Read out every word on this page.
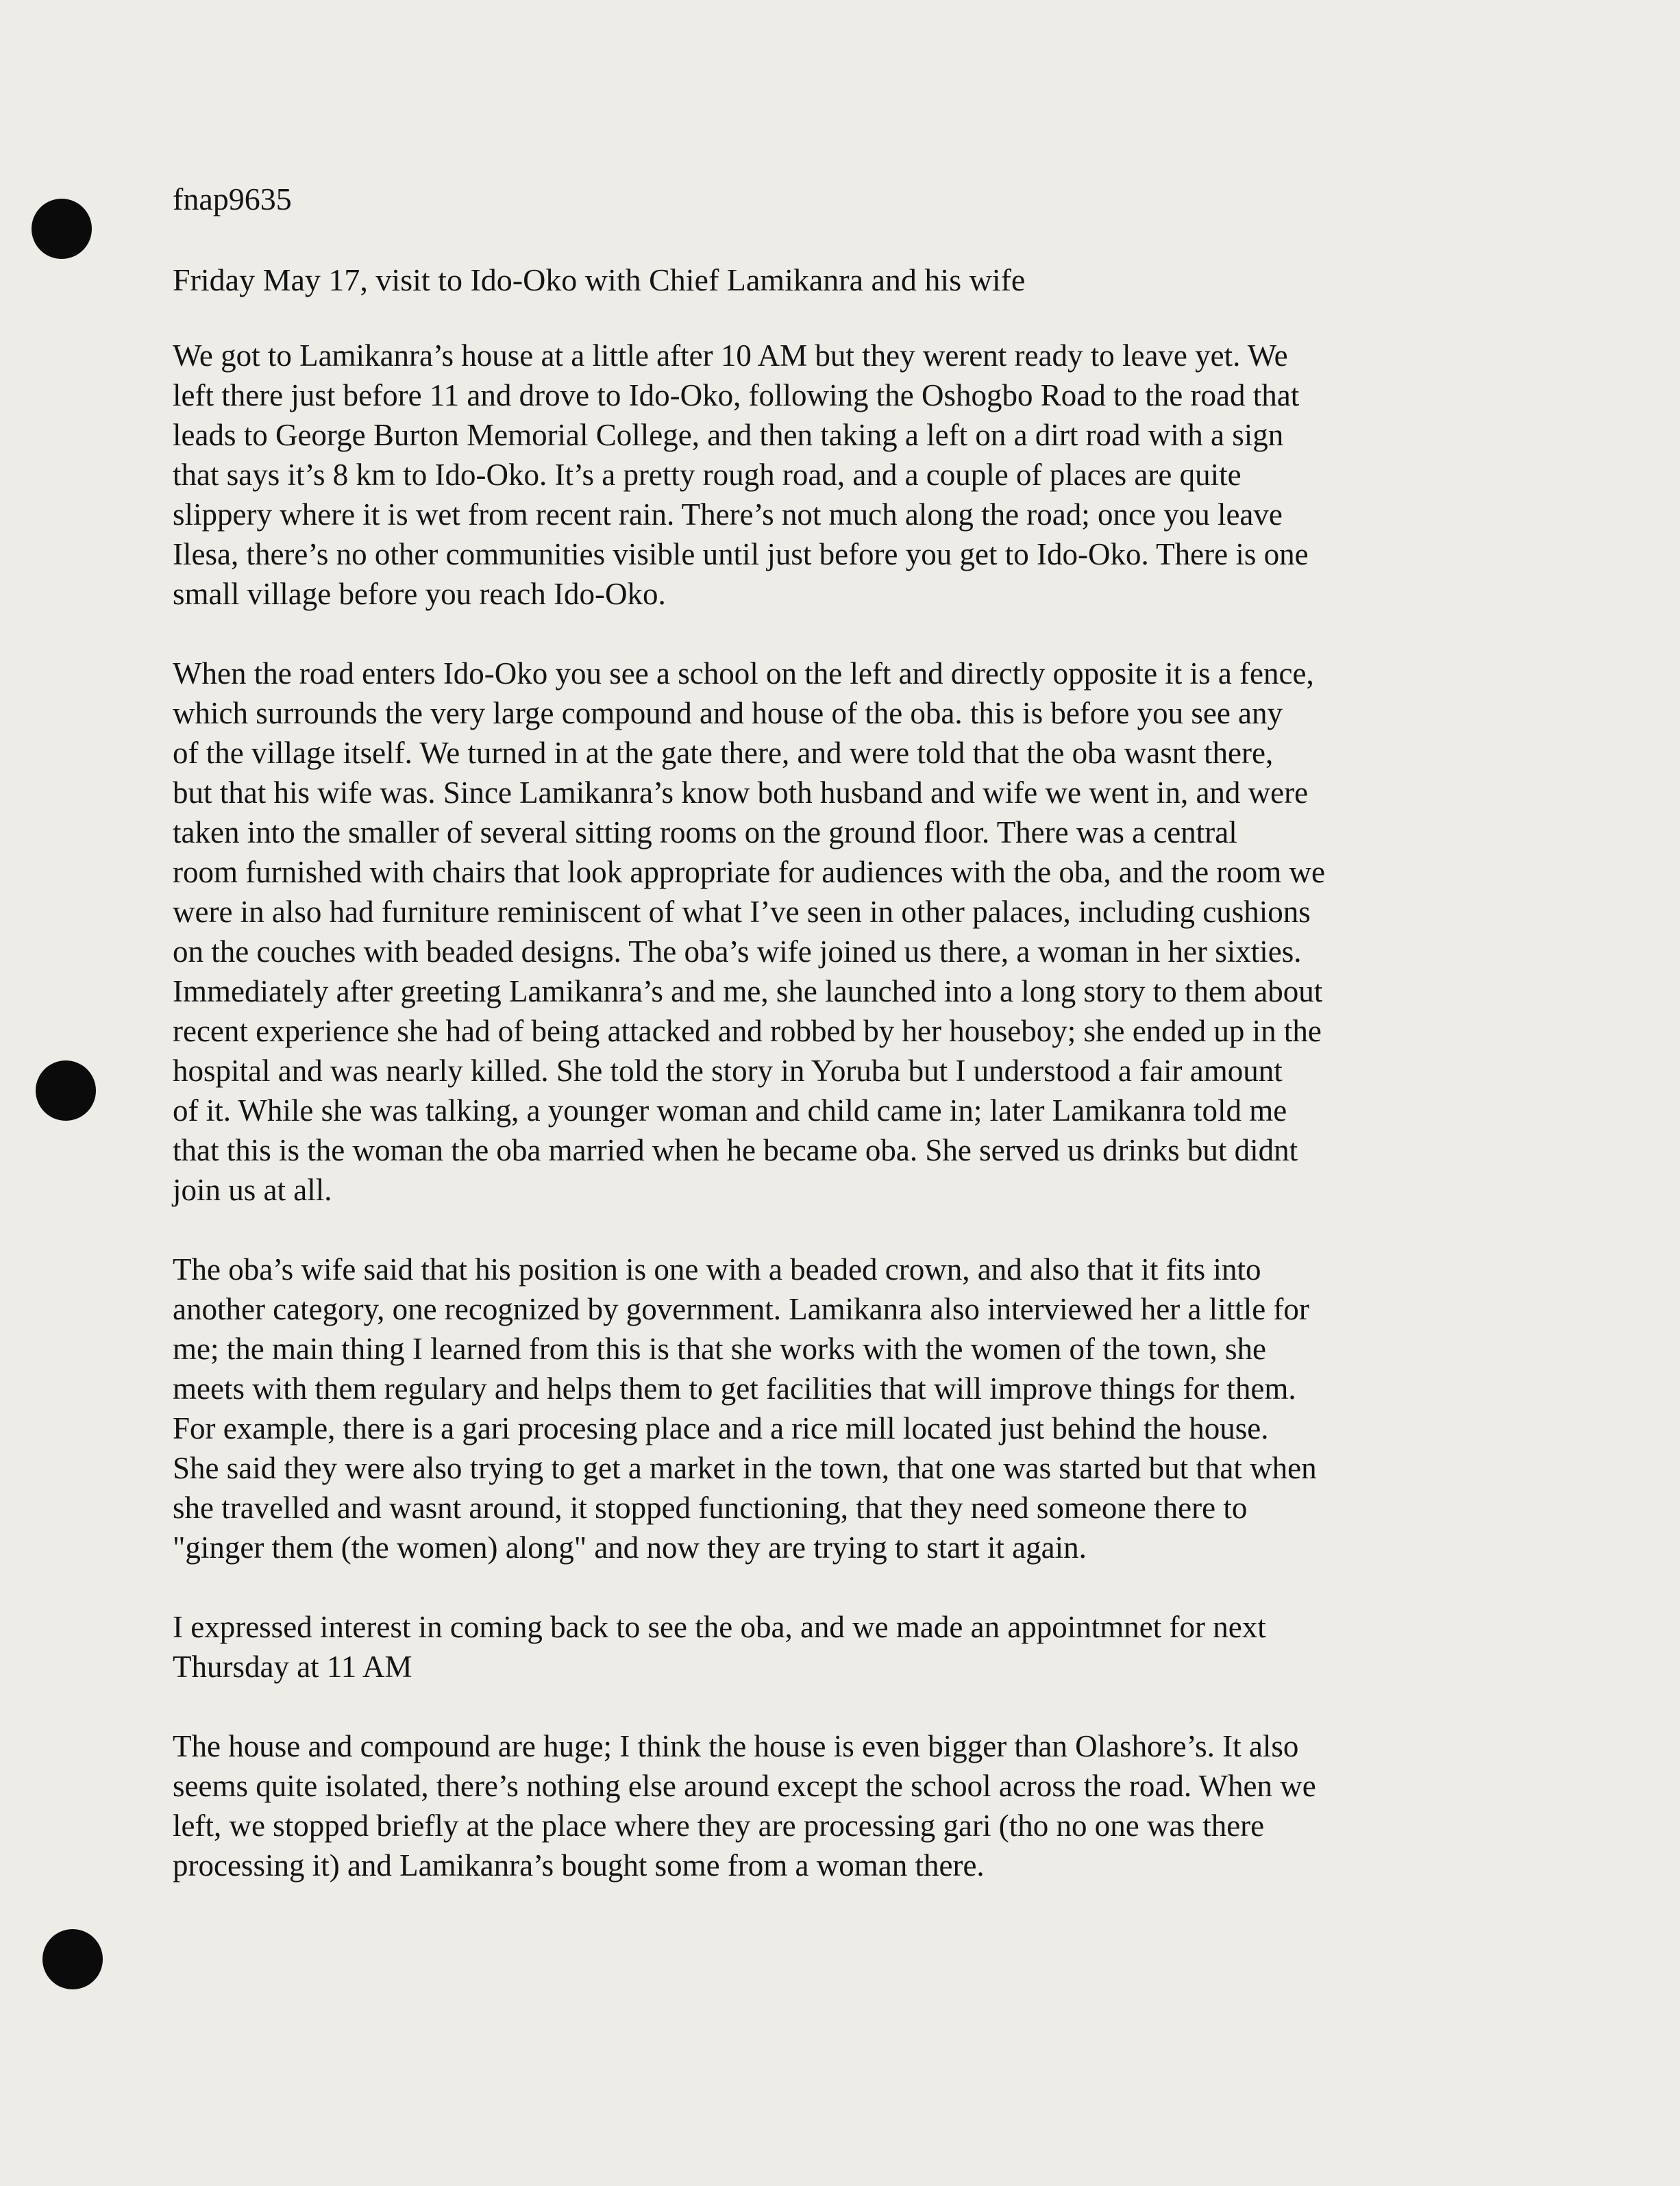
fnap9635

Friday May 17, visit to Ido-Oko with Chief Lamikanra and his wife

We got to Lamikanra’s house at a little after 10 AM but they werent ready to leave yet. We
left there just before 11 and drove to Ido-Oko, following the Oshogbo Road to the road that
leads to George Burton Memorial College, and then taking a left on a dirt road with a sign
that says it’s 8 km to Ido-Oko. It’s a pretty rough road, and a couple of places are quite
slippery where it is wet from recent rain. There’s not much along the road; once you leave
Ilesa, there’s no other communities visible until just before you get to Ido-Oko. There is one
small village before you reach Ido-Oko.

When the road enters Ido-Oko you see a school on the left and directly opposite it is a fence,
which surrounds the very large compound and house of the oba. this is before you see any
of the village itself. We turned in at the gate there, and were told that the oba wasnt there,
but that his wife was. Since Lamikanra’s know both husband and wife we went in, and were
taken into the smaller of several sitting rooms on the ground floor. There was a central
room furnished with chairs that look appropriate for audiences with the oba, and the room we
were in also had furniture reminiscent of what I’ve seen in other palaces, including cushions
on the couches with beaded designs. The oba’s wife joined us there, a woman in her sixties.
Immediately after greeting Lamikanra’s and me, she launched into a long story to them about
recent experience she had of being attacked and robbed by her houseboy; she ended up in the
hospital and was nearly killed. She told the story in Yoruba but I understood a fair amount
of it. While she was talking, a younger woman and child came in; later Lamikanra told me
that this is the woman the oba married when he became oba. She served us drinks but didnt
join us at all.

The oba’s wife said that his position is one with a beaded crown, and also that it fits into
another category, one recognized by government. Lamikanra also interviewed her a little for
me; the main thing I learned from this is that she works with the women of the town, she
meets with them regulary and helps them to get facilities that will improve things for them.
For example, there is a gari procesing place and a rice mill located just behind the house.
She said they were also trying to get a market in the town, that one was started but that when
she travelled and wasnt around, it stopped functioning, that they need someone there to
"ginger them (the women) along" and now they are trying to start it again.

I expressed interest in coming back to see the oba, and we made an appointmnet for next
Thursday at 11 AM

The house and compound are huge; I think the house is even bigger than Olashore’s. It also
seems quite isolated, there’s nothing else around except the school across the road. When we
left, we stopped briefly at the place where they are processing gari (tho no one was there
processing it) and Lamikanra’s bought some from a woman there.
